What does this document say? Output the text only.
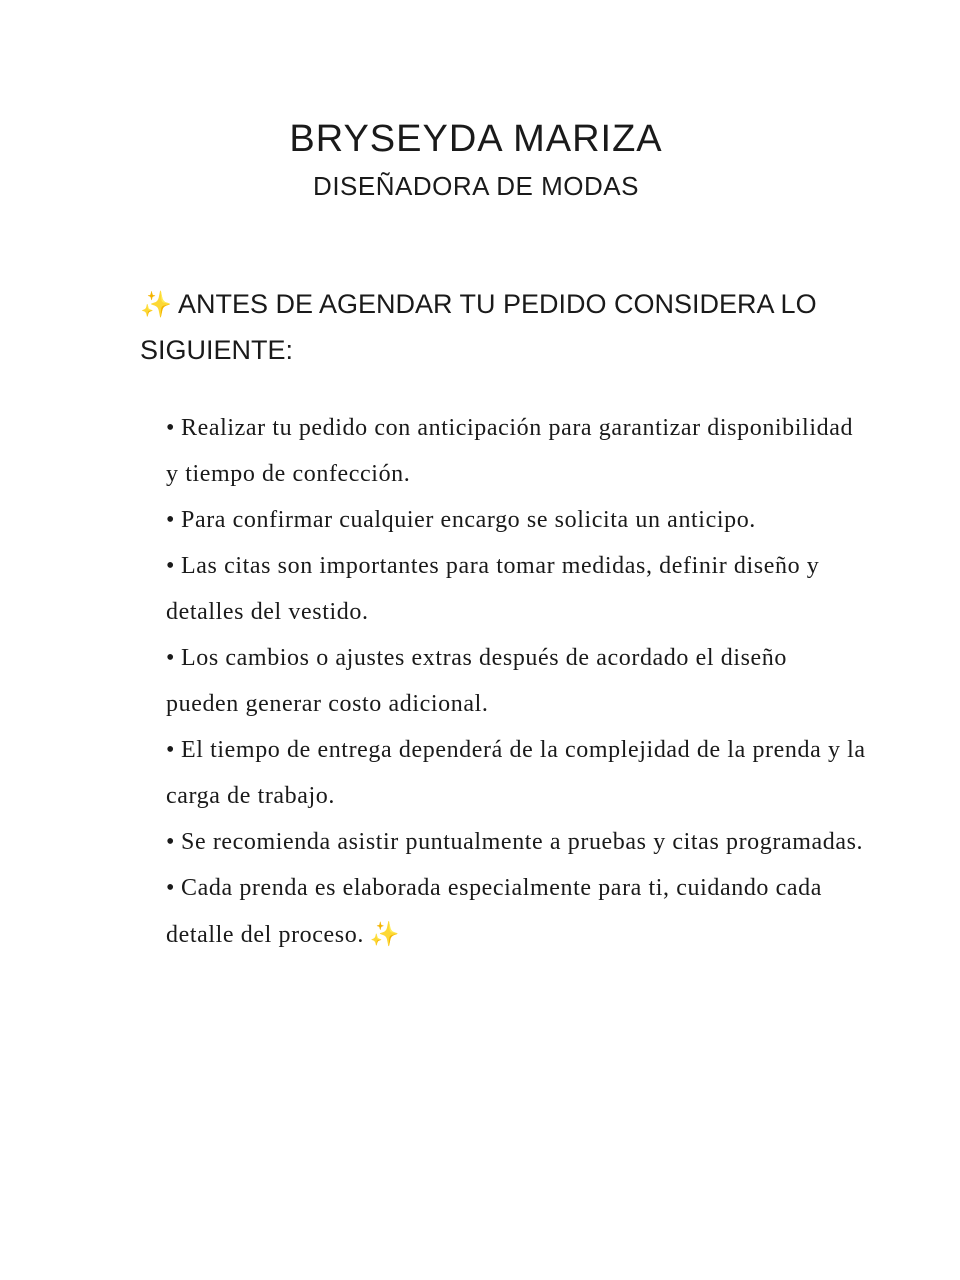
BRYSEYDA MARIZA
DISEÑADORA DE MODAS
✨ ANTES DE AGENDAR TU PEDIDO CONSIDERA LO SIGUIENTE:
• Realizar tu pedido con anticipación para garantizar disponibilidad y tiempo de confección.
• Para confirmar cualquier encargo se solicita un anticipo.
• Las citas son importantes para tomar medidas, definir diseño y detalles del vestido.
• Los cambios o ajustes extras después de acordado el diseño pueden generar costo adicional.
• El tiempo de entrega dependerá de la complejidad de la prenda y la carga de trabajo.
• Se recomienda asistir puntualmente a pruebas y citas programadas.
• Cada prenda es elaborada especialmente para ti, cuidando cada detalle del proceso. ✨
